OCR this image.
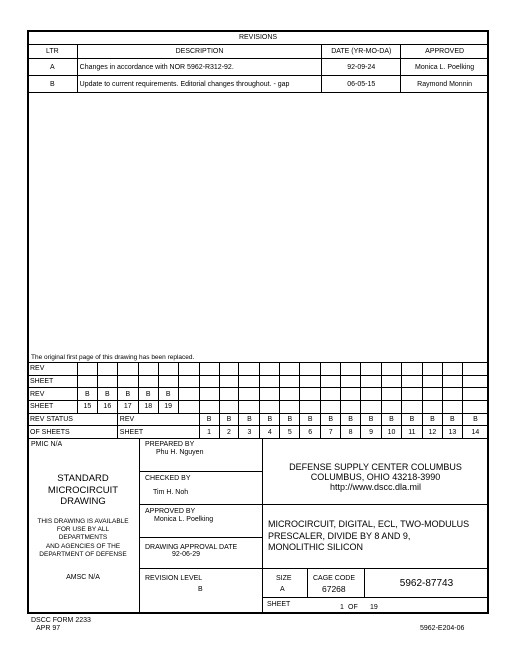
REVISIONS			
LTR	DESCRIPTION	DATE (YR-MO-DA)	APPROVED
A	Changes in accordance with NOR 5962-R312-92.	92-09-24	Monica L. Poelking
B	Update to current requirements. Editorial changes throughout. - gap	06-05-15	Raymond Monnin
The original first page of this drawing has been replaced.
REV																				
SHEET																				
REV	B	B	B	B	B															
SHEET	15	16	17	18	19															
REV STATUS			REV				B	B	B	B	B	B	B	B	B	B	B	B	B	B
OF SHEETS			SHEET				1	2	3	4	5	6	7	8	9	10	11	12	13	14
PMIC N/A
STANDARD
MICROCIRCUIT
DRAWING
THIS DRAWING IS AVAILABLE
FOR USE BY ALL
DEPARTMENTS
AND AGENCIES OF THE
DEPARTMENT OF DEFENSE
AMSC N/A
PREPARED BY
Phu H. Nguyen
CHECKED BY
Tim H. Noh
APPROVED BY
Monica L. Poelking
DRAWING APPROVAL DATE
92-06-29
REVISION LEVEL
B
DEFENSE SUPPLY CENTER COLUMBUS
COLUMBUS, OHIO 43218-3990
http://www.dscc.dla.mil
MICROCIRCUIT, DIGITAL, ECL, TWO-MODULUS
PRESCALER, DIVIDE BY 8 AND 9,
MONOLITHIC SILICON
SIZE
A
CAGE CODE
67268	5962-87743
SHEET	1 OF 19
DSCC FORM 2233
APR 97	5962-E204-06
